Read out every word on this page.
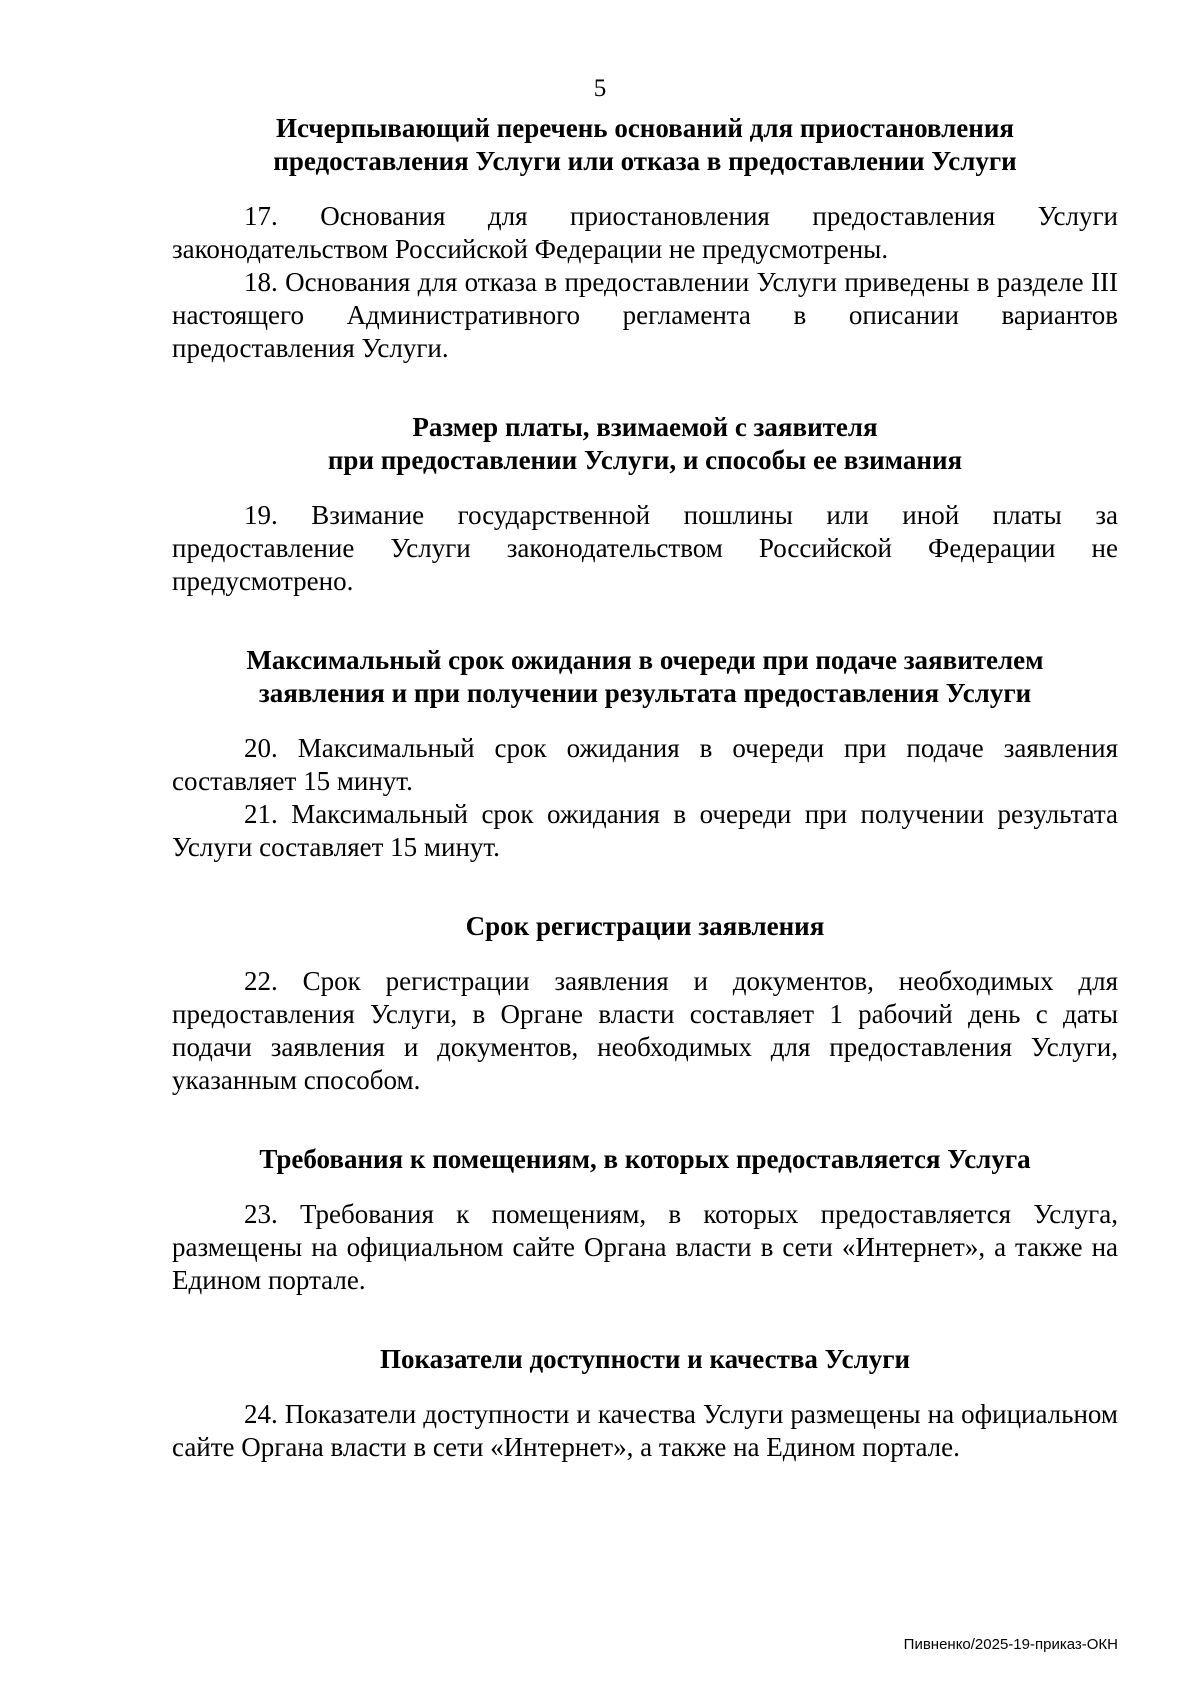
5

Исчерпывающий перечень оснований для приостановления

предоставления Услуги или отказа в предоставлении Услуги

17. Основания для приостановления предоставления Услуги законодательством Российской Федерации не предусмотрены.

18. Основания для отказа в предоставлении Услуги приведены в разделе III настоящего Административного регламента в описании вариантов предоставления Услуги.

Размер платы, взимаемой с заявителя

при предоставлении Услуги, и способы ее взимания

19. Взимание государственной пошлины или иной платы за предоставление Услуги законодательством Российской Федерации не предусмотрено.

Максимальный срок ожидания в очереди при подаче заявителем

заявления и при получении результата предоставления Услуги

20. Максимальный срок ожидания в очереди при подаче заявления составляет 15 минут.

21. Максимальный срок ожидания в очереди при получении результата Услуги составляет 15 минут.

Срок регистрации заявления

22. Срок регистрации заявления и документов, необходимых для предоставления Услуги, в Органе власти составляет 1 рабочий день с даты подачи заявления и документов, необходимых для предоставления Услуги, указанным способом.

Требования к помещениям, в которых предоставляется Услуга

23. Требования к помещениям, в которых предоставляется Услуга, размещены на официальном сайте Органа власти в сети «Интернет», а также на Едином портале.

Показатели доступности и качества Услуги

24. Показатели доступности и качества Услуги размещены на официальном сайте Органа власти в сети «Интернет», а также на Едином портале.

Пивненко/2025-19-приказ-ОКН
